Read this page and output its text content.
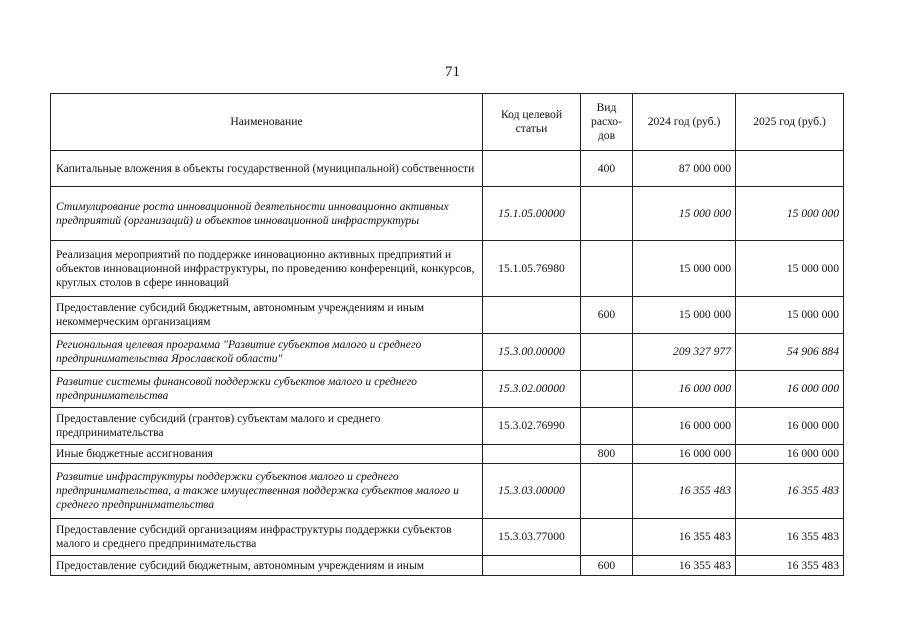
71
Наименование	Код целевой статьи	Вид расхо-дов	2024 год (руб.)	2025 год (руб.)
Капитальные вложения в объекты государственной (муниципальной) собственности		400	87 000 000	
Стимулирование роста инновационной деятельности инновационно активных предприятий (организаций) и объектов инновационной инфраструктуры	15.1.05.00000		15 000 000	15 000 000
Реализация мероприятий по поддержке инновационно активных предприятий и объектов инновационной инфраструктуры, по проведению конференций, конкурсов, круглых столов в сфере инноваций	15.1.05.76980		15 000 000	15 000 000
Предоставление субсидий бюджетным, автономным учреждениям и иным некоммерческим организациям		600	15 000 000	15 000 000
Региональная целевая программа "Развитие субъектов малого и среднего предпринимательства Ярославской области"	15.3.00.00000		209 327 977	54 906 884
Развитие системы финансовой поддержки субъектов малого и среднего предпринимательства	15.3.02.00000		16 000 000	16 000 000
Предоставление субсидий (грантов) субъектам малого и среднего предпринимательства	15.3.02.76990		16 000 000	16 000 000
Иные бюджетные ассигнования		800	16 000 000	16 000 000
Развитие инфраструктуры поддержки субъектов малого и среднего предпринимательства, а также имущественная поддержка субъектов малого и среднего предпринимательства	15.3.03.00000		16 355 483	16 355 483
Предоставление субсидий организациям инфраструктуры поддержки субъектов малого и среднего предпринимательства	15.3.03.77000		16 355 483	16 355 483
Предоставление субсидий бюджетным, автономным учреждениям и иным		600	16 355 483	16 355 483
